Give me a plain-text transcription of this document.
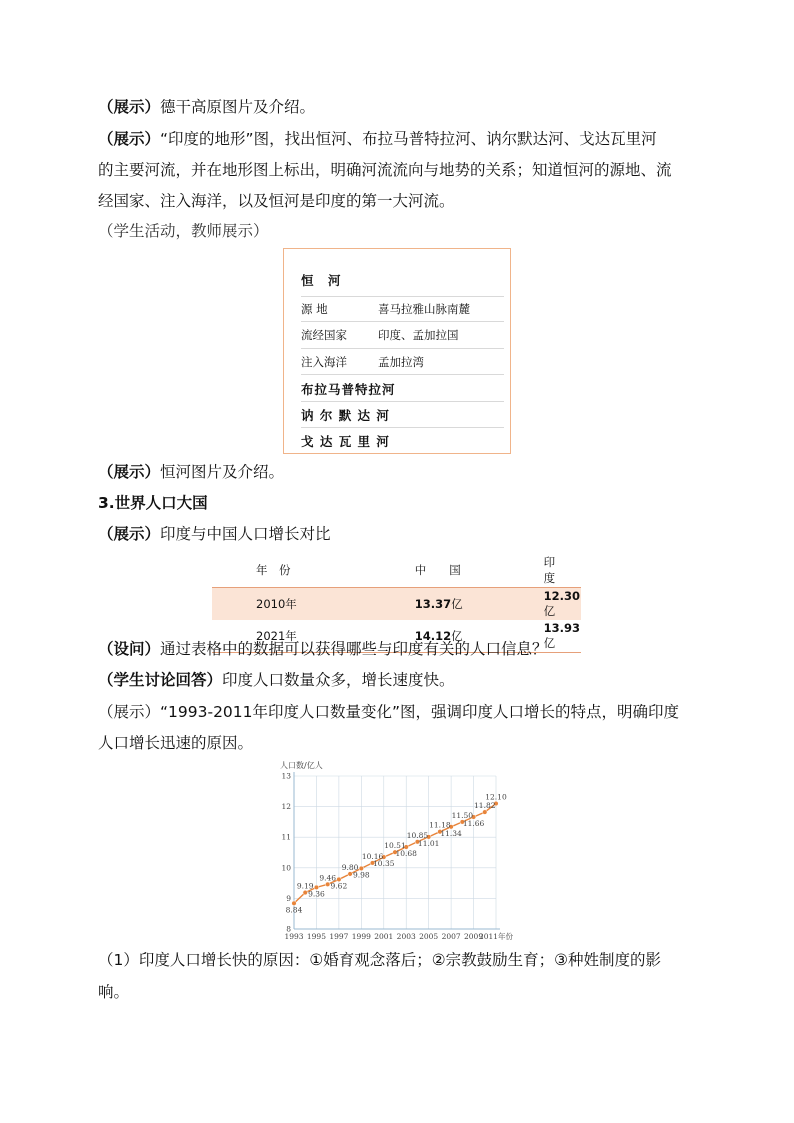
（展示）德干高原图片及介绍。
（展示）“印度的地形”图，找出恒河、布拉马普特拉河、讷尔默达河、戈达瓦里河
的主要河流，并在地形图上标出，明确河流流向与地势的关系；知道恒河的源地、流
经国家、注入海洋，以及恒河是印度的第一大河流。
（学生活动，教师展示）
恒　河
源 地	喜马拉雅山脉南麓
流经国家	印度、孟加拉国
注入海洋	孟加拉湾
布拉马普特拉河
讷 尔 默 达 河
戈 达 瓦 里 河
（展示）恒河图片及介绍。
3.世界人口大国
（展示）印度与中国人口增长对比
年　份	中　　国	印　　度
2010年	13.37亿	12.30亿
2021年	14.12亿	13.93亿
（设问）通过表格中的数据可以获得哪些与印度有关的人口信息？
（学生讨论回答）印度人口数量众多，增长速度快。
（展示）“1993-2011年印度人口数量变化”图，强调印度人口增长的特点，明确印度
人口增长迅速的原因。
人口数/亿人
8
9
10
11
12
13
1993 1995 1997 1999 2001 2003 2005 2007 2009
2011年份
8.84
9.19
9.36
9.46
9.62
9.80
9.98
10.16
10.35
10.51
10.68
10.85
11.01
11.18
11.34
11.50
11.66
11.82
12.10
（1）印度人口增长快的原因：①婚育观念落后；②宗教鼓励生育；③种姓制度的影
响。
